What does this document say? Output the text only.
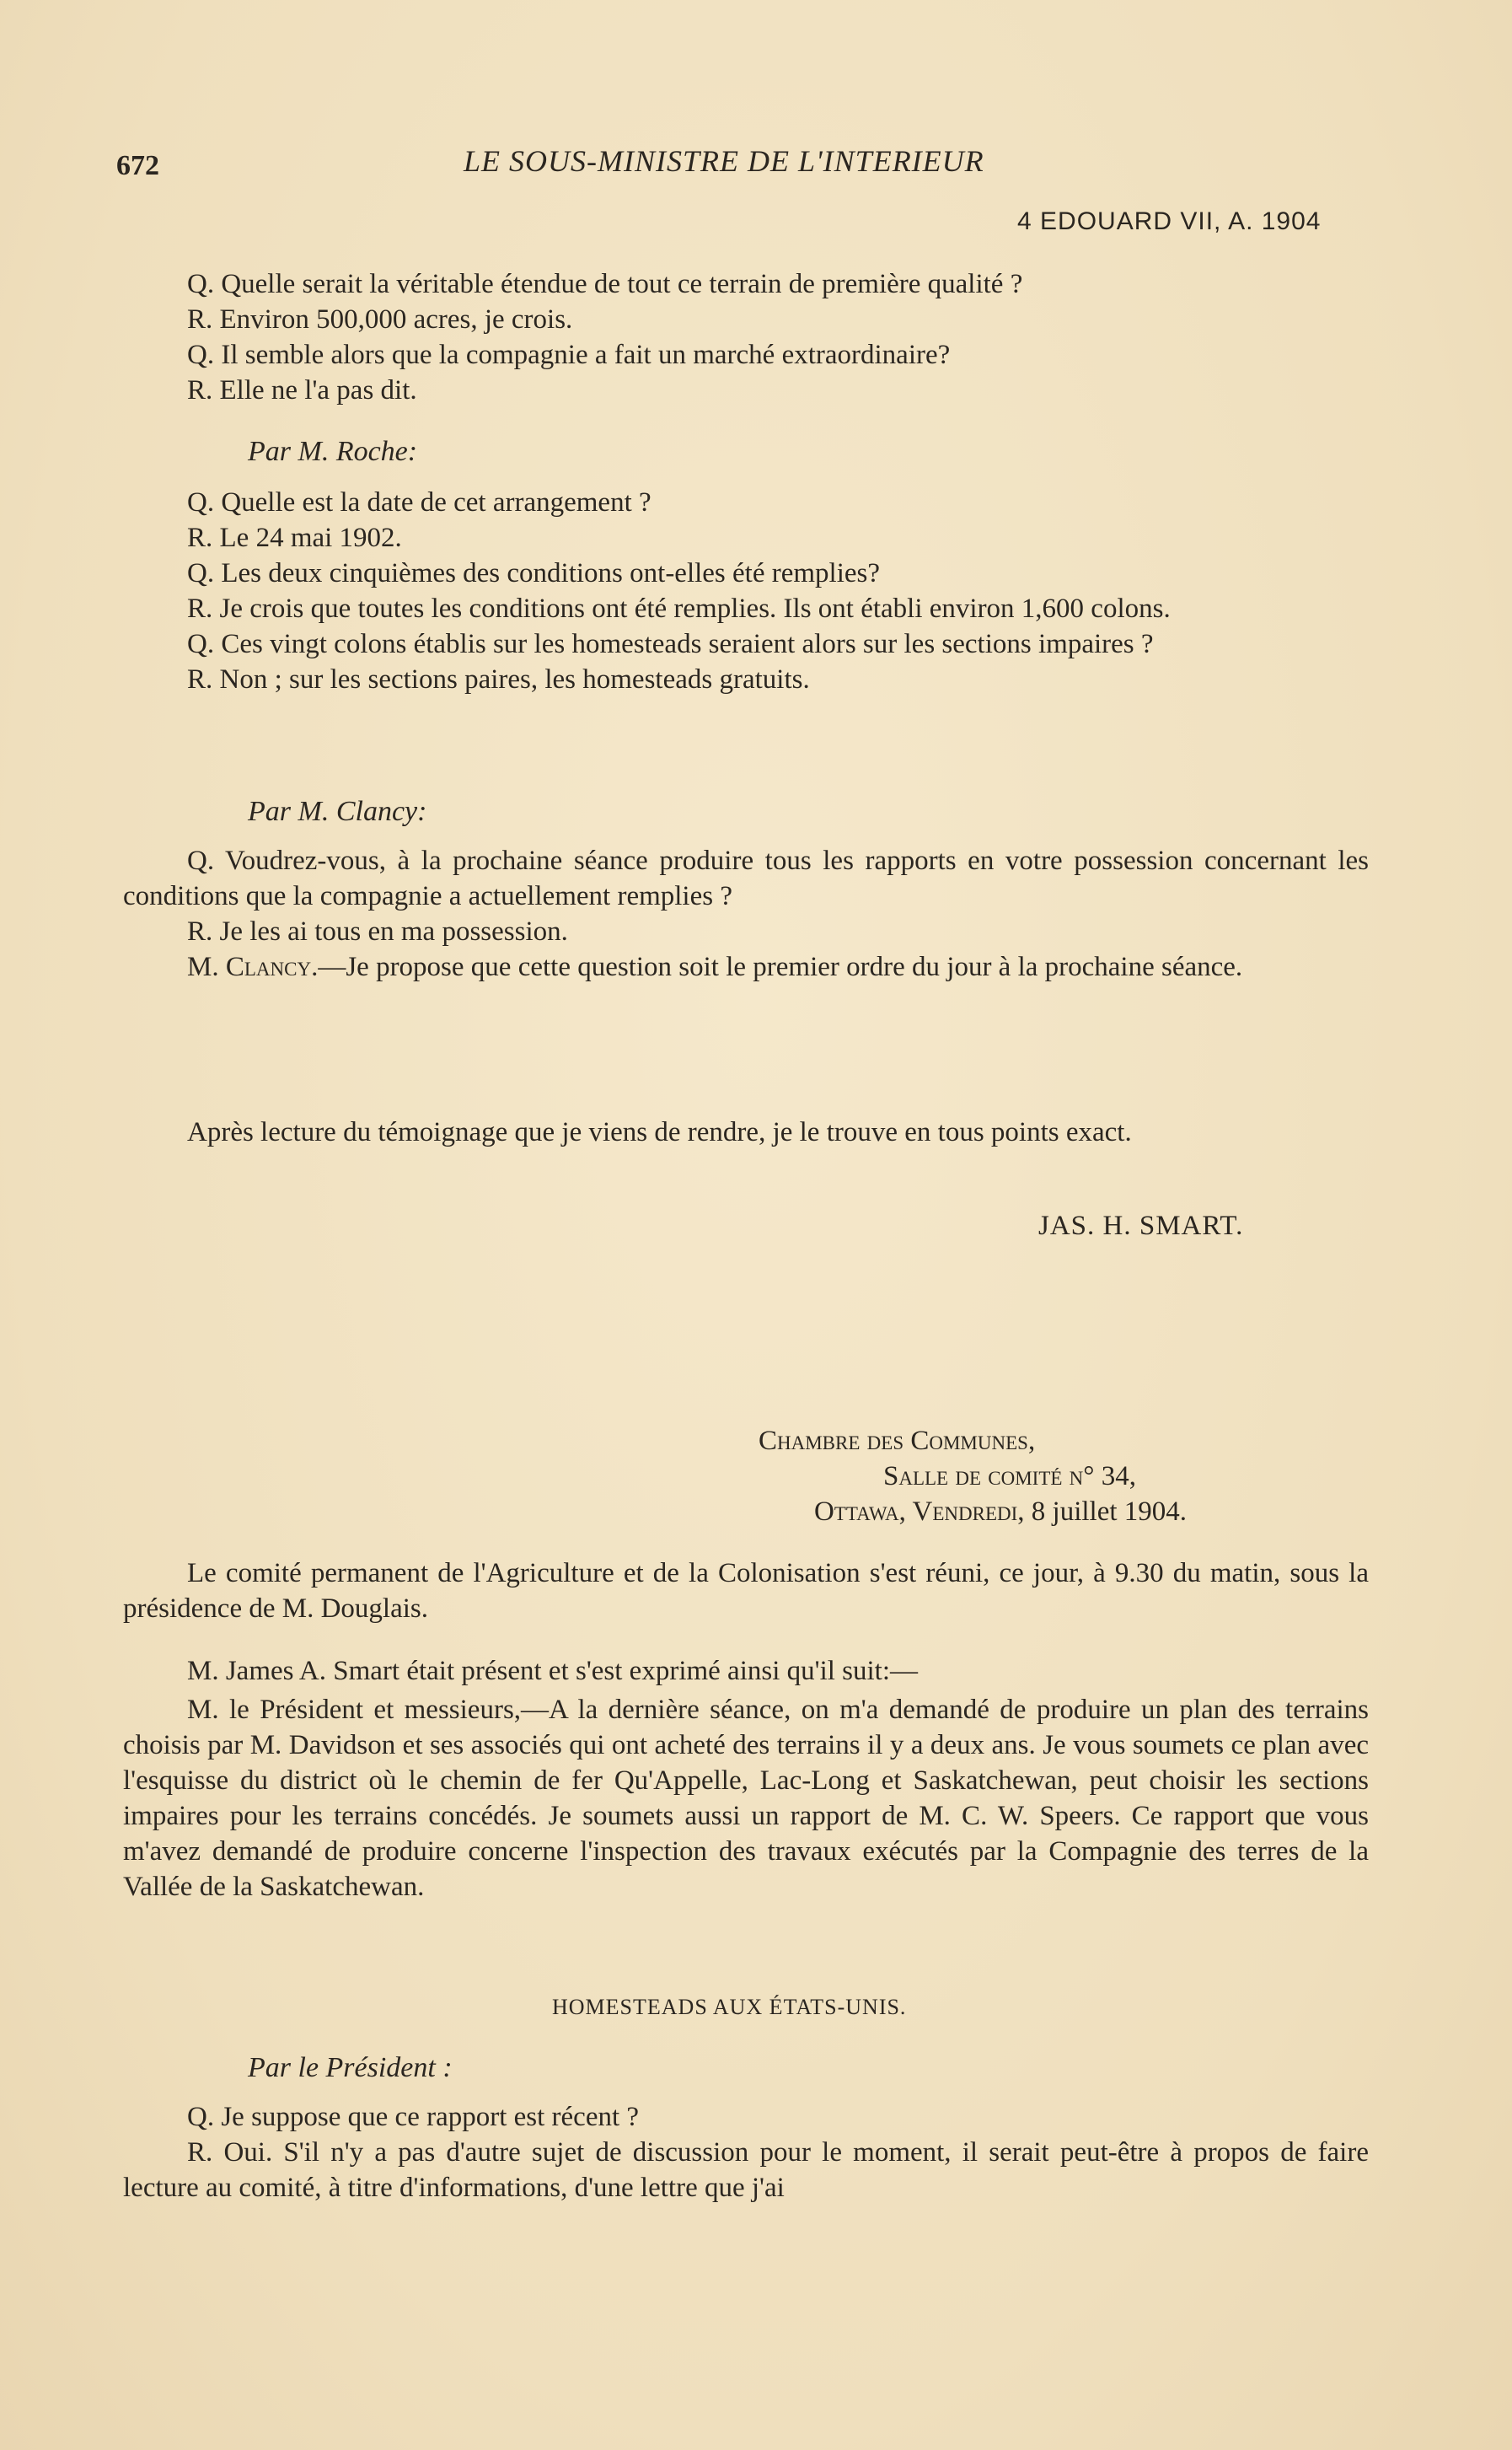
672	LE SOUS-MINISTRE DE L'INTERIEUR
4 EDOUARD VII, A. 1904

Q. Quelle serait la véritable étendue de tout ce terrain de première qualité ?

R. Environ 500,000 acres, je crois.

Q. Il semble alors que la compagnie a fait un marché extraordinaire?

R. Elle ne l'a pas dit.

Par M. Roche:

Q. Quelle est la date de cet arrangement ?

R. Le 24 mai 1902.

Q. Les deux cinquièmes des conditions ont-elles été remplies?

R. Je crois que toutes les conditions ont été remplies. Ils ont établi environ 1,600 colons.

Q. Ces vingt colons établis sur les homesteads seraient alors sur les sections impaires ?

R. Non ; sur les sections paires, les homesteads gratuits.

Par M. Clancy:

Q. Voudrez-vous, à la prochaine séance produire tous les rapports en votre possession concernant les conditions que la compagnie a actuellement remplies ?

R. Je les ai tous en ma possession.

M. Clancy.—Je propose que cette question soit le premier ordre du jour à la prochaine séance.

Après lecture du témoignage que je viens de rendre, je le trouve en tous points exact.

JAS. H. SMART.

Chambre des Communes,

Salle de comité n° 34,

Ottawa, Vendredi, 8 juillet 1904.

Le comité permanent de l'Agriculture et de la Colonisation s'est réuni, ce jour, à 9.30 du matin, sous la présidence de M. Douglais.

M. James A. Smart était présent et s'est exprimé ainsi qu'il suit:—

M. le Président et messieurs,—A la dernière séance, on m'a demandé de produire un plan des terrains choisis par M. Davidson et ses associés qui ont acheté des terrains il y a deux ans. Je vous soumets ce plan avec l'esquisse du district où le chemin de fer Qu'Appelle, Lac-Long et Saskatchewan, peut choisir les sections impaires pour les terrains concédés. Je soumets aussi un rapport de M. C. W. Speers. Ce rapport que vous m'avez demandé de produire concerne l'inspection des travaux exécutés par la Compagnie des terres de la Vallée de la Saskatchewan.

HOMESTEADS AUX ÉTATS-UNIS.

Par le Président :

Q. Je suppose que ce rapport est récent ?

R. Oui. S'il n'y a pas d'autre sujet de discussion pour le moment, il serait peut-être à propos de faire lecture au comité, à titre d'informations, d'une lettre que j'ai
